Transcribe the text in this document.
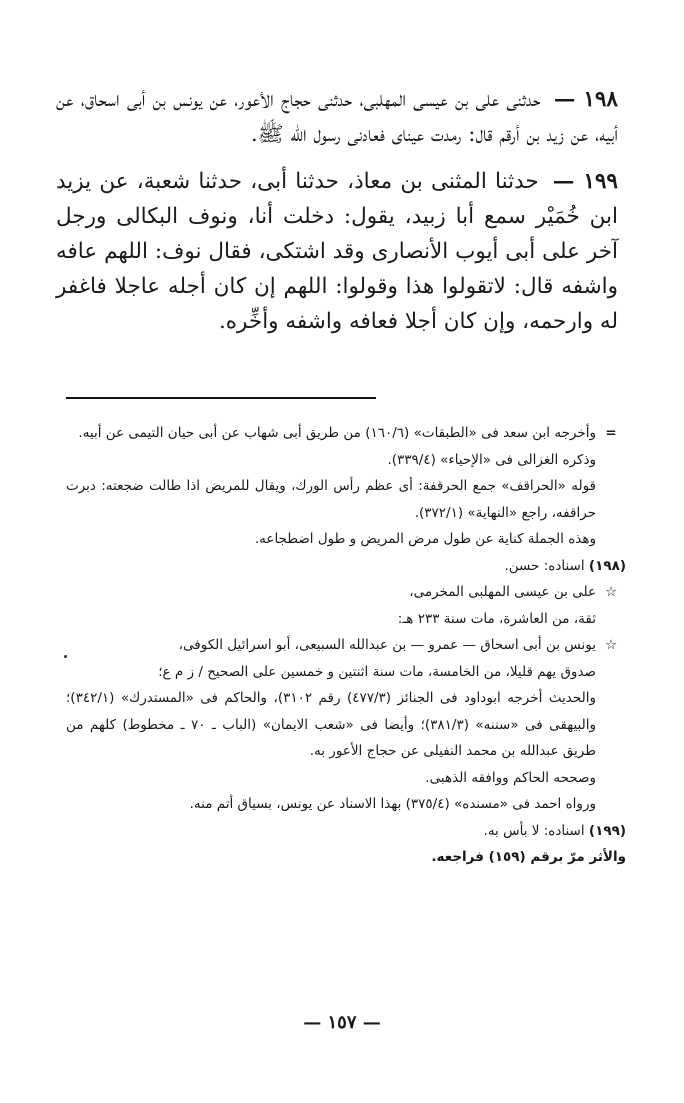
١٩٨ — حدثنى على بن عيسى المهلبى، حدثنى حجاج الأعور، عن يونس بن أبى اسحاق، عن أبيه، عن زيد بن أرقم قال: رمدت عيناى فعادنى رسول الله ﷺ.

١٩٩ — حدثنا المثنى بن معاذ، حدثنا أبى، حدثنا شعبة، عن يزيد ابن خُمَيْر سمع أبا زبيد، يقول: دخلت أنا، ونوف البكالى ورجل آخر على أبى أيوب الأنصارى وقد اشتكى، فقال نوف: اللهم عافه واشفه قال: لاتقولوا هذا وقولوا: اللهم إن كان أجله عاجلا فاغفر له وارحمه، وإن كان أجلا فعافه واشفه وأخِّره.

=
وأخرجه ابن سعد فى «الطبقات» (١٦٠/٦) من طريق أبى شهاب عن أبى حيان التيمى عن أبيه.
وذكره الغزالى فى «الإحياء» (٣٣٩/٤).
قوله «الحراقف» جمع الحرقفة: أى عظم رأس الورك، ويقال للمريض اذا طالت ضجعته: دبرت حراقفه، راجع «النهاية» (٣٧٢/١).
وهذه الجملة كناية عن طول مرض المريض و طول اضطجاعه.
(١٩٨) اسناده: حسن.
☆
على بن عيسى المهلبى المخرمى،
ثقة، من العاشرة، مات سنة ٢٣٣ هـ:
☆
يونس بن أبى اسحاق — عمرو — بن عبدالله السبيعى، أبو اسرائيل الكوفى،
صدوق يهم قليلا، من الخامسة، مات سنة اثنتين و خمسين على الصحيح / ز م ع؛
والحديث أخرجه ابوداود فى الجنائز (٤٧٧/٣) رقم ٣١٠٢)، والحاكم فى «المستدرك» (٣٤٢/١)؛ والبيهقى فى «سننه» (٣٨١/٣)؛ وأيضا فى «شعب الايمان» (الباب ـ ٧٠ ـ مخطوط) كلهم من طريق عبدالله بن محمد النفيلى عن حجاج الأعور به.
وصححه الحاكم ووافقه الذهبى.
ورواه احمد فى «مسنده» (٣٧٥/٤) بهذا الاسناد عن يونس، بسياق أتم منه.
(١٩٩) اسناده: لا بأس به.
والأثر مرّ برقم (١٥٩) فراجعه.
— ١٥٧ —
